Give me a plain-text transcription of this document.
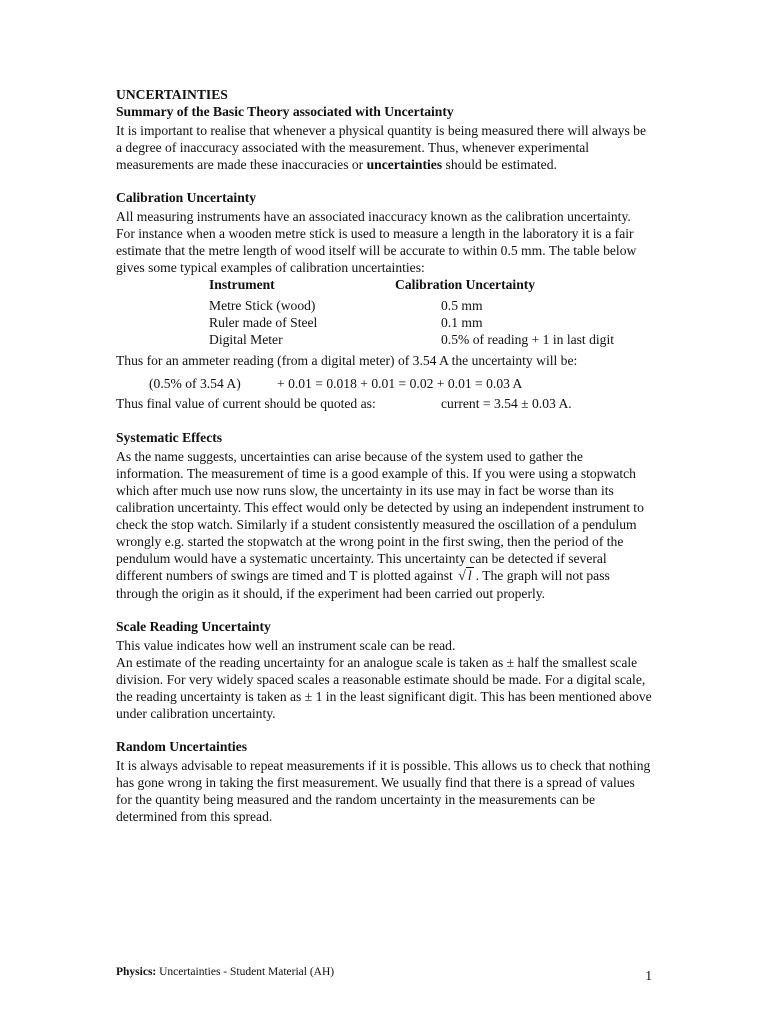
UNCERTAINTIES

Summary of the Basic Theory associated with Uncertainty

It is important to realise that whenever a physical quantity is being measured there will always be a degree of inaccuracy associated with the measurement. Thus, whenever experimental measurements are made these inaccuracies or uncertainties should be estimated.

Calibration Uncertainty

All measuring instruments have an associated inaccuracy known as the calibration uncertainty. For instance when a wooden metre stick is used to measure a length in the laboratory it is a fair estimate that the metre length of wood itself will be accurate to within 0.5 mm. The table below gives some typical examples of calibration uncertainties:

Instrument	Calibration Uncertainty
Metre Stick (wood)	0.5 mm
Ruler made of Steel	0.1 mm
Digital Meter	0.5% of reading + 1 in last digit

Thus for an ammeter reading (from a digital meter) of 3.54 A the uncertainty will be:

(0.5% of 3.54 A)	+ 0.01 = 0.018 + 0.01 = 0.02 + 0.01 = 0.03 A
Thus final value of current should be quoted as:	current = 3.54 ± 0.03 A.
Systematic Effects

As the name suggests, uncertainties can arise because of the system used to gather the information. The measurement of time is a good example of this. If you were using a stopwatch which after much use now runs slow, the uncertainty in its use may in fact be worse than its calibration uncertainty. This effect would only be detected by using an independent instrument to check the stop watch. Similarly if a student consistently measured the oscillation of a pendulum wrongly e.g. started the stopwatch at the wrong point in the first swing, then the period of the pendulum would have a systematic uncertainty. This uncertainty can be detected if several different numbers of swings are timed and T is plotted against √ l . The graph will not pass through the origin as it should, if the experiment had been carried out properly.

Scale Reading Uncertainty

This value indicates how well an instrument scale can be read.

An estimate of the reading uncertainty for an analogue scale is taken as ± half the smallest scale division. For very widely spaced scales a reasonable estimate should be made. For a digital scale, the reading uncertainty is taken as ± 1 in the least significant digit. This has been mentioned above under calibration uncertainty.

Random Uncertainties

It is always advisable to repeat measurements if it is possible. This allows us to check that nothing has gone wrong in taking the first measurement. We usually find that there is a spread of values for the quantity being measured and the random uncertainty in the measurements can be determined from this spread.

Physics: Uncertainties - Student Material (AH)	1
